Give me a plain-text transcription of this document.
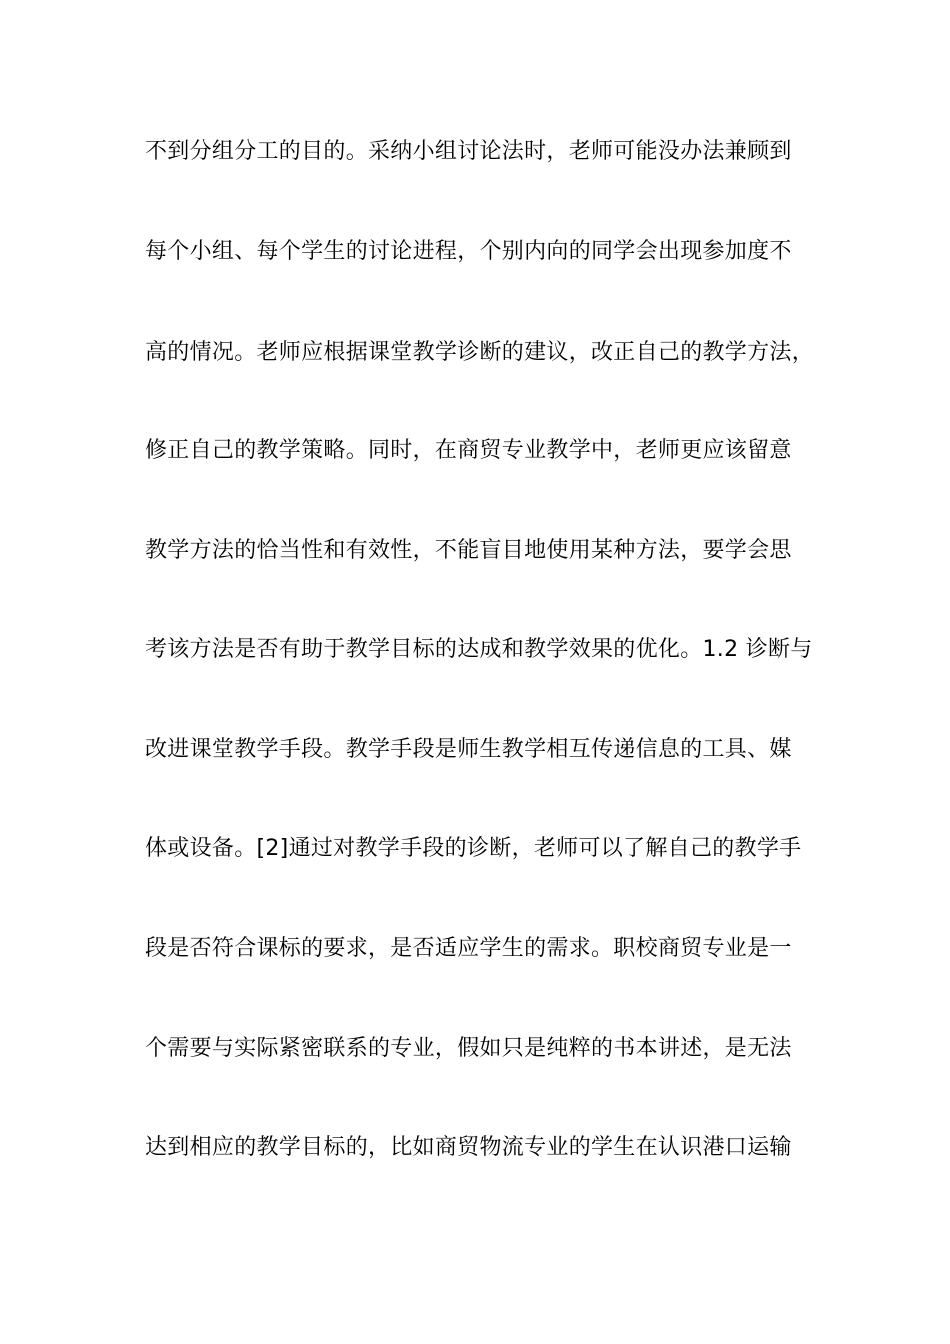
不到分组分工的目的。采纳小组讨论法时，老师可能没办法兼顾到
每个小组、每个学生的讨论进程，个别内向的同学会出现参加度不
高的情况。老师应根据课堂教学诊断的建议，改正自己的教学方法，
修正自己的教学策略。同时，在商贸专业教学中，老师更应该留意
教学方法的恰当性和有效性，不能盲目地使用某种方法，要学会思
考该方法是否有助于教学目标的达成和教学效果的优化。1.2 诊断与
改进课堂教学手段。教学手段是师生教学相互传递信息的工具、媒
体或设备。[2]通过对教学手段的诊断，老师可以了解自己的教学手
段是否符合课标的要求，是否适应学生的需求。职校商贸专业是一
个需要与实际紧密联系的专业，假如只是纯粹的书本讲述，是无法
达到相应的教学目标的，比如商贸物流专业的学生在认识港口运输
